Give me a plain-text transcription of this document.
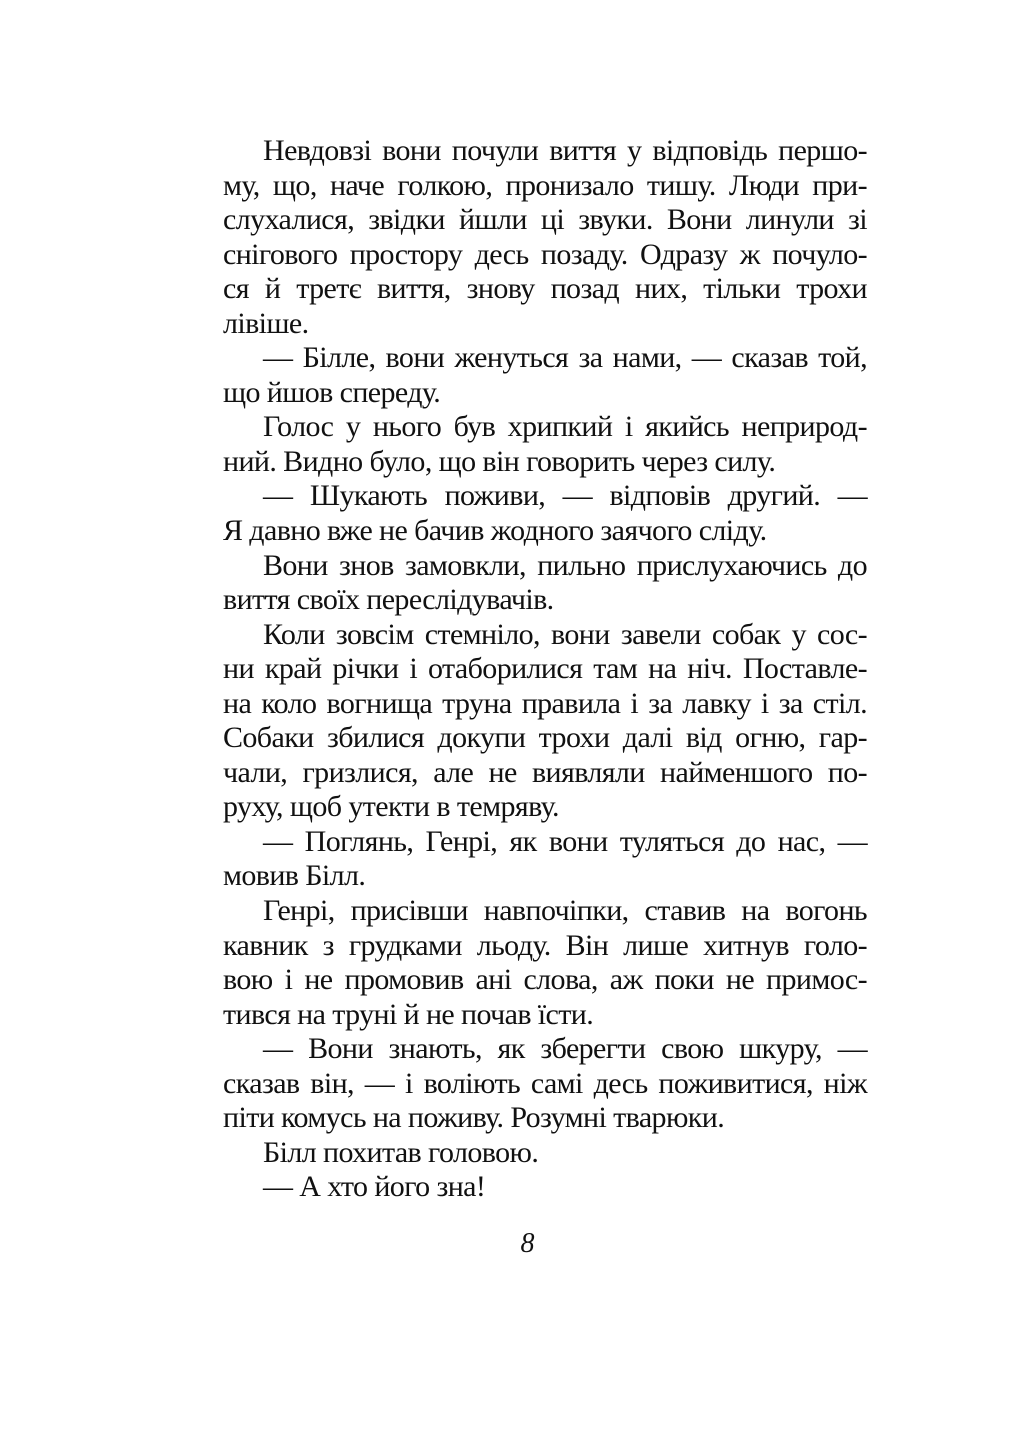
Невдовзі вони почули виття у відповідь першо-
му, що, наче голкою, пронизало тишу. Люди при-
слухалися, звідки йшли ці звуки. Вони линули зі
снігового простору десь позаду. Одразу ж почуло-
ся й третє виття, знову позад них, тільки трохи
лівіше.
— Білле, вони женуться за нами, — сказав той,
що йшов спереду.
Голос у нього був хрипкий і якийсь неприрод-
ний. Видно було, що він говорить через силу.
— Шукають поживи, — відповів другий. —
Я давно вже не бачив жодного заячого сліду.
Вони знов замовкли, пильно прислухаючись до
виття своїх переслідувачів.
Коли зовсім стемніло, вони завели собак у сос-
ни край річки і отаборилися там на ніч. Поставле-
на коло вогнища труна правила і за лавку і за стіл.
Собаки збилися докупи трохи далі від огню, гар-
чали, гризлися, але не виявляли найменшого по-
руху, щоб утекти в темряву.
— Поглянь, Генрі, як вони туляться до нас, —
мовив Білл.
Генрі, присівши навпочіпки, ставив на вогонь
кавник з грудками льоду. Він лише хитнув голо-
вою і не промовив ані слова, аж поки не примос-
тився на труні й не почав їсти.
— Вони знають, як зберегти свою шкуру, —
сказав він, — і воліють самі десь поживитися, ніж
піти комусь на поживу. Розумні тварюки.
Білл похитав головою.
— А хто його зна!
8
